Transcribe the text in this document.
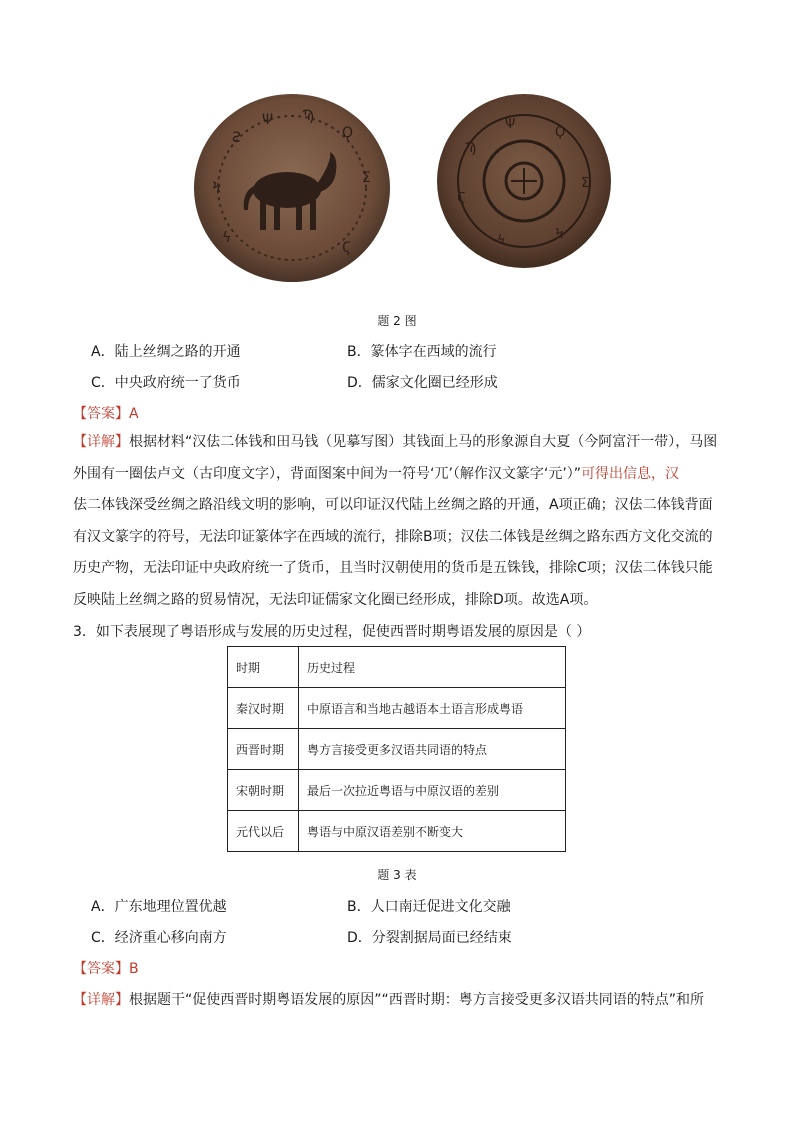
Ƨ
Ψ Ϡ
Ϙ
Ʃ
Ϟ
ϟ
Ϛ
Ϡ
Ψ
Ϙ
Ʃ
Ϟ
ϟ
Ϛ
题 2 图
A．陆上丝绸之路的开通	B．篆体字在西域的流行
C．中央政府统一了货币	D．儒家文化圈已经形成
【答案】A

【详解】根据材料“汉佉二体钱和田马钱（见摹写图）其钱面上马的形象源自大夏（今阿富汗一带），马图

外围有一圈佉卢文（古印度文字），背面图案中间为一符号‘兀’（解作汉文篆字‘元’）”可得出信息，汉

佉二体钱深受丝绸之路沿线文明的影响，可以印证汉代陆上丝绸之路的开通，A项正确；汉佉二体钱背面

有汉文篆字的符号，无法印证篆体字在西域的流行，排除B项；汉佉二体钱是丝绸之路东西方文化交流的

历史产物，无法印证中央政府统一了货币，且当时汉朝使用的货币是五铢钱，排除C项；汉佉二体钱只能

反映陆上丝绸之路的贸易情况，无法印证儒家文化圈已经形成，排除D项。故选A项。

3．如下表展现了粤语形成与发展的历史过程，促使西晋时期粤语发展的原因是（ ）
时期	历史过程
秦汉时期	中原语言和当地古越语本土语言形成粤语
西晋时期	粤方言接受更多汉语共同语的特点
宋朝时期	最后一次拉近粤语与中原汉语的差别
元代以后	粤语与中原汉语差别不断变大
题 3 表
A．广东地理位置优越	B．人口南迁促进文化交融
C．经济重心移向南方	D．分裂割据局面已经结束
【答案】B
【详解】根据题干“促使西晋时期粤语发展的原因”“西晋时期：粤方言接受更多汉语共同语的特点”和所
